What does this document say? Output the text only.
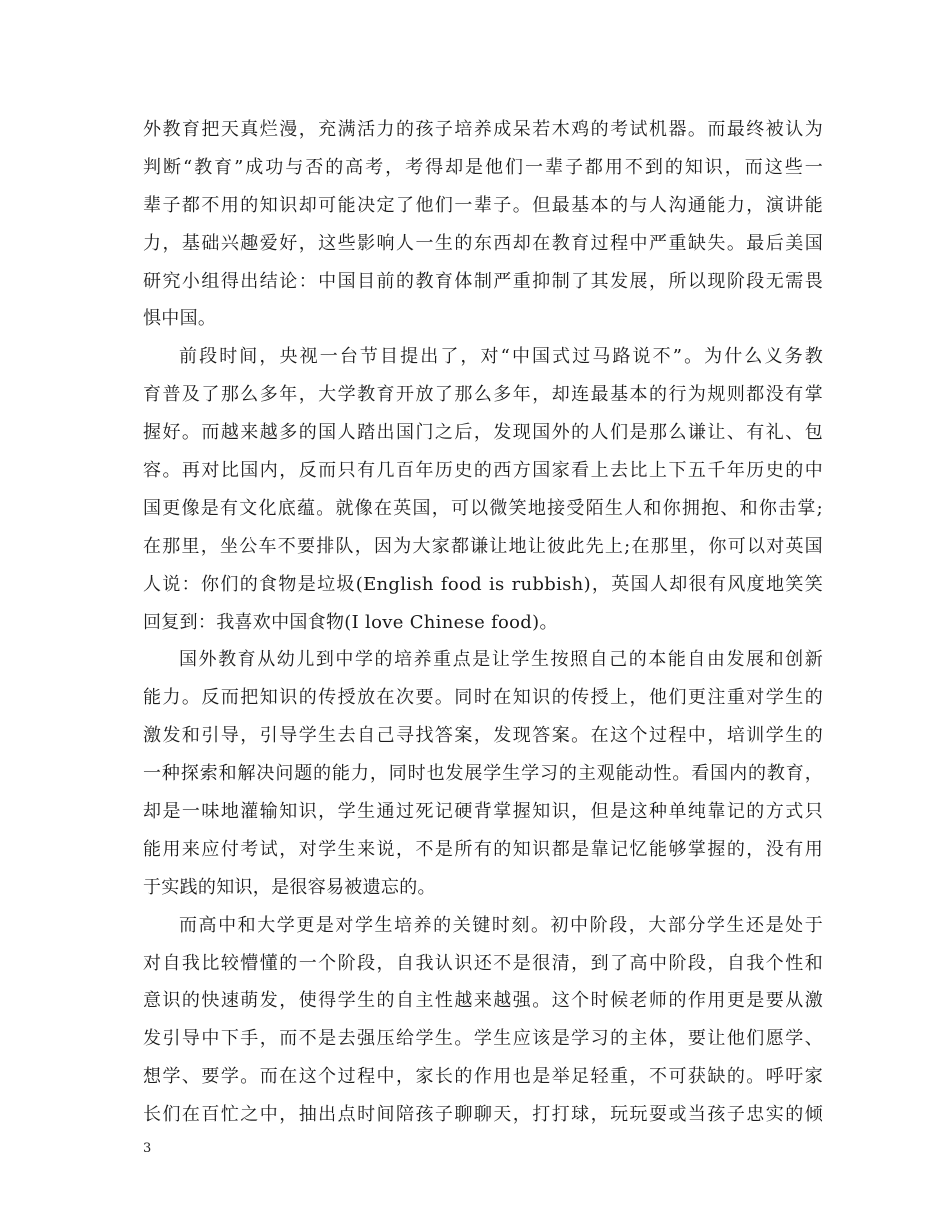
外教育把天真烂漫，充满活力的孩子培养成呆若木鸡的考试机器。而最终被认为
判断“教育”成功与否的高考，考得却是他们一辈子都用不到的知识，而这些一
辈子都不用的知识却可能决定了他们一辈子。但最基本的与人沟通能力，演讲能
力，基础兴趣爱好，这些影响人一生的东西却在教育过程中严重缺失。最后美国
研究小组得出结论：中国目前的教育体制严重抑制了其发展，所以现阶段无需畏
惧中国。
前段时间，央视一台节目提出了，对“中国式过马路说不”。为什么义务教
育普及了那么多年，大学教育开放了那么多年，却连最基本的行为规则都没有掌
握好。而越来越多的国人踏出国门之后，发现国外的人们是那么谦让、有礼、包
容。再对比国内，反而只有几百年历史的西方国家看上去比上下五千年历史的中
国更像是有文化底蕴。就像在英国，可以微笑地接受陌生人和你拥抱、和你击掌;
在那里，坐公车不要排队，因为大家都谦让地让彼此先上;在那里，你可以对英国
人说：你们的食物是垃圾(English food is rubbish)，英国人却很有风度地笑笑
回复到：我喜欢中国食物(I love Chinese food)。
国外教育从幼儿到中学的培养重点是让学生按照自己的本能自由发展和创新
能力。反而把知识的传授放在次要。同时在知识的传授上，他们更注重对学生的
激发和引导，引导学生去自己寻找答案，发现答案。在这个过程中，培训学生的
一种探索和解决问题的能力，同时也发展学生学习的主观能动性。看国内的教育，
却是一味地灌输知识，学生通过死记硬背掌握知识，但是这种单纯靠记的方式只
能用来应付考试，对学生来说，不是所有的知识都是靠记忆能够掌握的，没有用
于实践的知识，是很容易被遗忘的。
而高中和大学更是对学生培养的关键时刻。初中阶段，大部分学生还是处于
对自我比较懵懂的一个阶段，自我认识还不是很清，到了高中阶段，自我个性和
意识的快速萌发，使得学生的自主性越来越强。这个时候老师的作用更是要从激
发引导中下手，而不是去强压给学生。学生应该是学习的主体，要让他们愿学、
想学、要学。而在这个过程中，家长的作用也是举足轻重，不可获缺的。呼吁家
长们在百忙之中，抽出点时间陪孩子聊聊天，打打球，玩玩耍或当孩子忠实的倾
3
